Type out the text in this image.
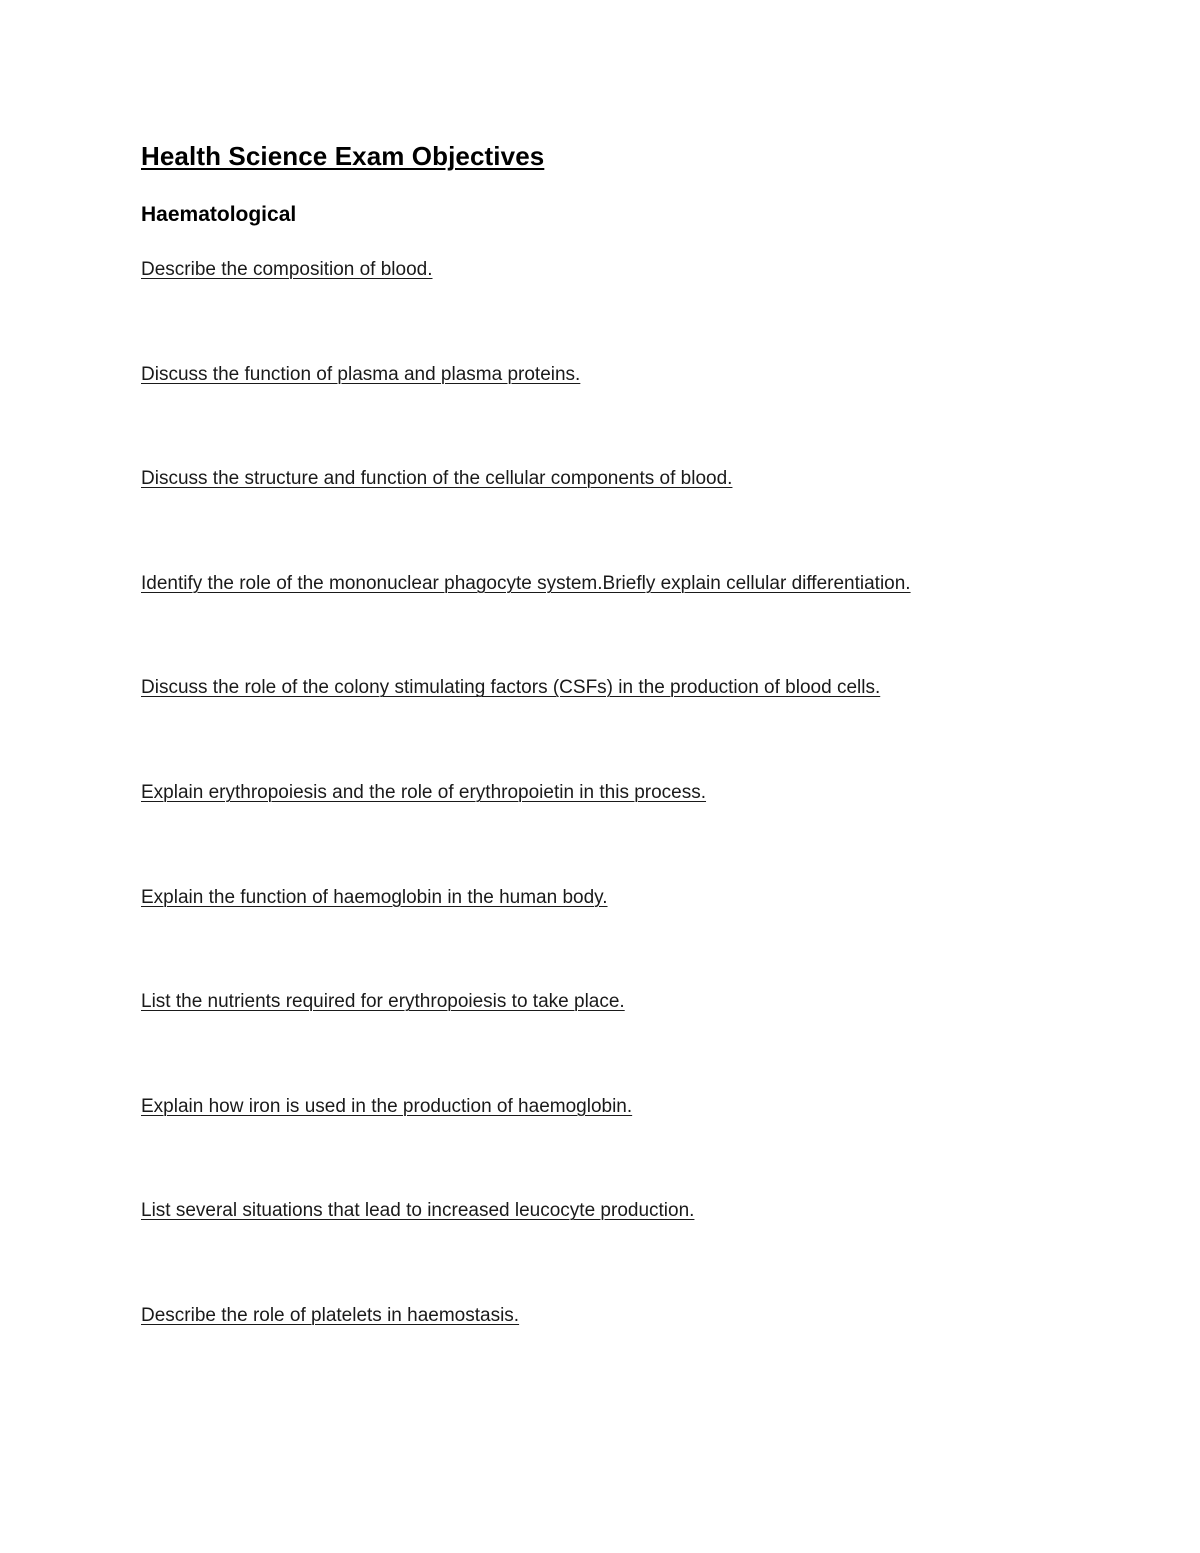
Health Science Exam Objectives
Haematological
Describe the composition of blood.
Discuss the function of plasma and plasma proteins.
Discuss the structure and function of the cellular components of blood.
Identify the role of the mononuclear phagocyte system.Briefly explain cellular differentiation.
Discuss the role of the colony stimulating factors (CSFs) in the production of blood cells.
Explain erythropoiesis and the role of erythropoietin in this process.
Explain the function of haemoglobin in the human body.
List the nutrients required for erythropoiesis to take place.
Explain how iron is used in the production of haemoglobin.
List several situations that lead to increased leucocyte production.
Describe the role of platelets in haemostasis.
